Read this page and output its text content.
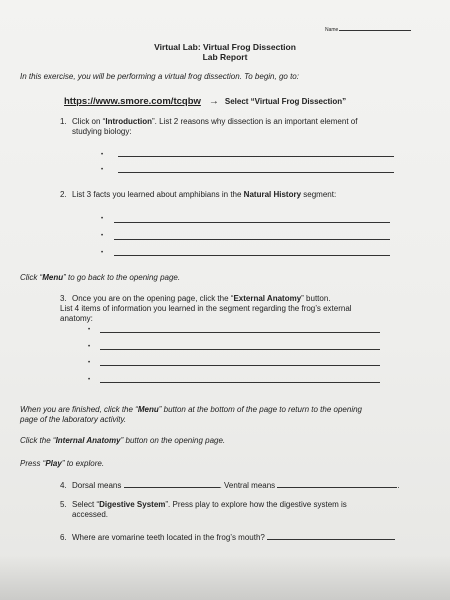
Name
Virtual Lab: Virtual Frog Dissection
Lab Report
In this exercise, you will be performing a virtual frog dissection. To begin, go to:
https://www.smore.com/tcqbw → Select “Virtual Frog Dissection”
1. Click on “Introduction”. List 2 reasons why dissection is an important element of
studying biology:
•
•
2. List 3 facts you learned about amphibians in the Natural History segment:
•
•
•
Click “Menu” to go back to the opening page.
3. Once you are on the opening page, click the “External Anatomy” button.
List 4 items of information you learned in the segment regarding the frog’s external
anatomy:
•
•
•
•
When you are finished, click the “Menu” button at the bottom of the page to return to the opening
page of the laboratory activity.
Click the “Internal Anatomy” button on the opening page.
Press “Play” to explore.
4. Dorsal means	. Ventral means	.
5. Select “Digestive System”. Press play to explore how the digestive system is
accessed.
6. Where are vomarine teeth located in the frog’s mouth?
